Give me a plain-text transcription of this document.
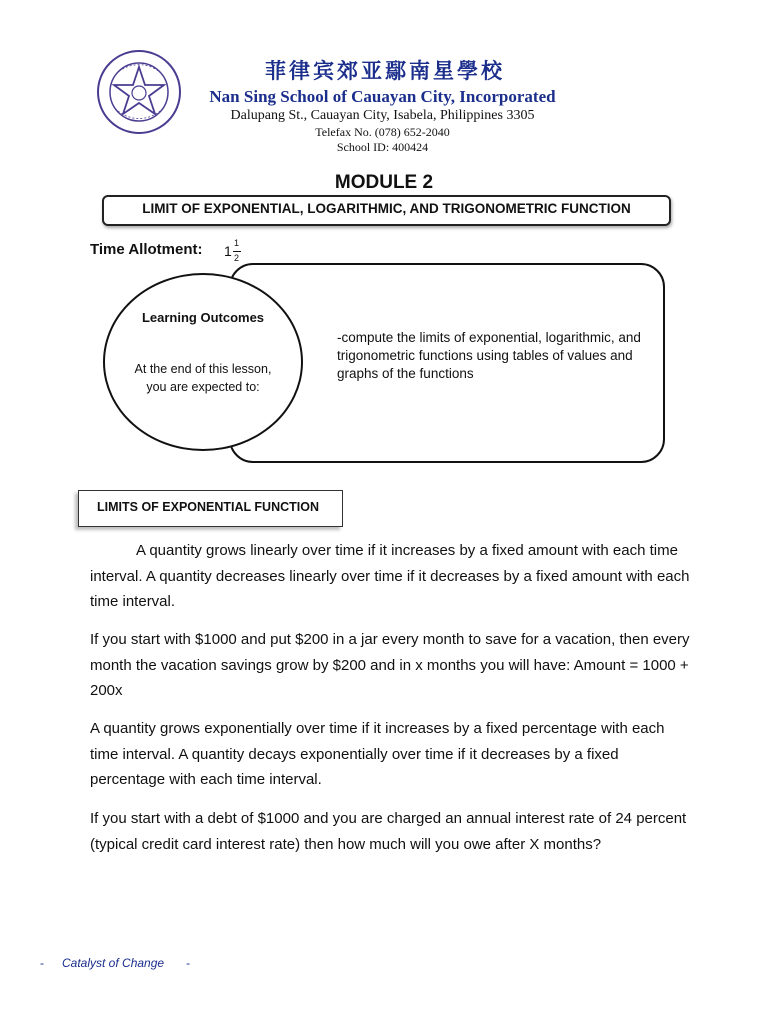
菲律宾郊亚鄢南星學校
Nan Sing School of Cauayan City, Incorporated
Dalupang St., Cauayan City, Isabela, Philippines 3305
Telefax No. (078) 652-2040
School ID: 400424
MODULE 2
LIMIT OF EXPONENTIAL, LOGARITHMIC, AND TRIGONOMETRIC FUNCTION
Time Allotment: 1 1
2
-compute the limits of exponential, logarithmic, and trigonometric functions using tables of values and graphs of the functions
Learning Outcomes
At the end of this lesson, you are expected to:
LIMITS OF EXPONENTIAL FUNCTION
A quantity grows linearly over time if it increases by a fixed amount with each time interval. A quantity decreases linearly over time if it decreases by a fixed amount with each time interval.
If you start with $1000 and put $200 in a jar every month to save for a vacation, then every month the vacation savings grow by $200 and in x months you will have: Amount = 1000 + 200x
A quantity grows exponentially over time if it increases by a fixed percentage with each time interval. A quantity decays exponentially over time if it decreases by a fixed percentage with each time interval.
If you start with a debt of $1000 and you are charged an annual interest rate of 24 percent (typical credit card interest rate) then how much will you owe after X months?
- Catalyst of Change -
